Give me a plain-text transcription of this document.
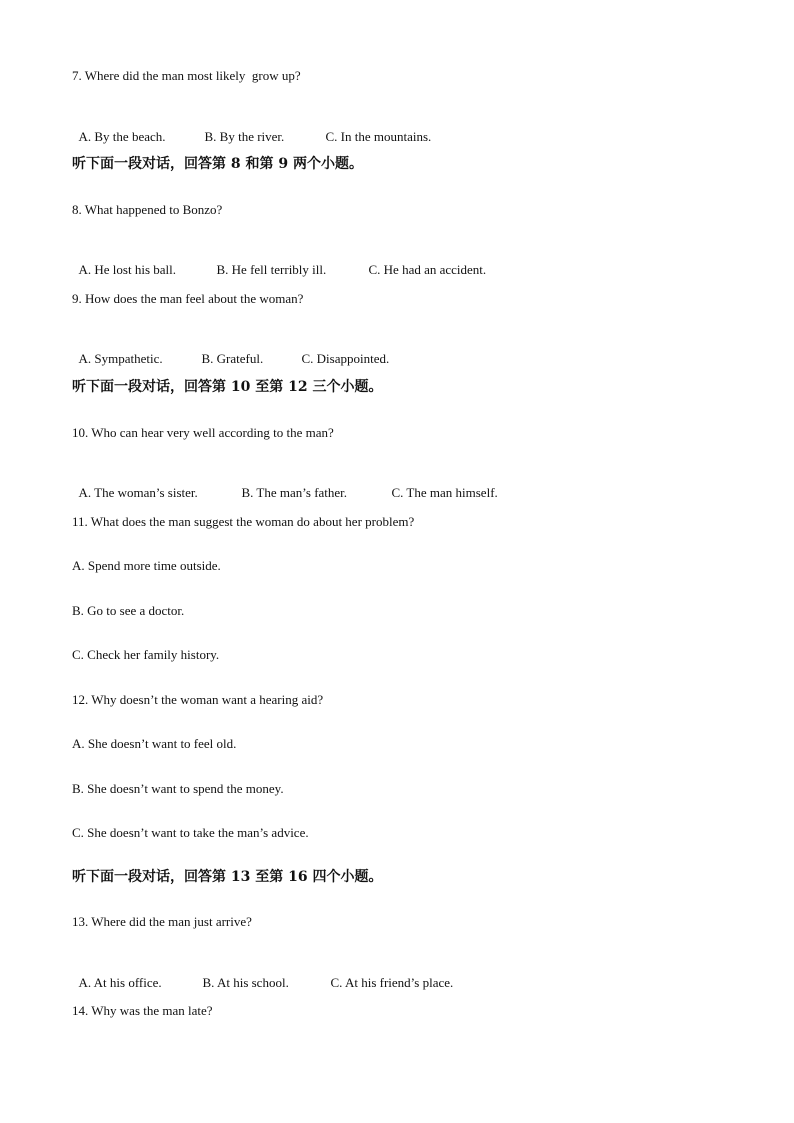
7. Where did the man most likely  grow up?

A. By the beach.	B. By the river.	C. In the mountains.

听下面一段对话，回答第 8 和第 9 两个小题。
8. What happened to Bonzo?

A. He lost his ball.	B. He fell terribly ill.	C. He had an accident.

9. How does the man feel about the woman?

A. Sympathetic.	B. Grateful.	C. Disappointed.

听下面一段对话，回答第 10 至第 12 三个小题。
10. Who can hear very well according to the man?

A. The woman’s sister.	B. The man’s father.	C. The man himself.

11. What does the man suggest the woman do about her problem?
A. Spend more time outside.
B. Go to see a doctor.
C. Check her family history.
12. Why doesn’t the woman want a hearing aid?
A. She doesn’t want to feel old.
B. She doesn’t want to spend the money.
C. She doesn’t want to take the man’s advice.
听下面一段对话，回答第 13 至第 16 四个小题。
13. Where did the man just arrive?

A. At his office.	B. At his school.	C. At his friend’s place.

14. Why was the man late?
